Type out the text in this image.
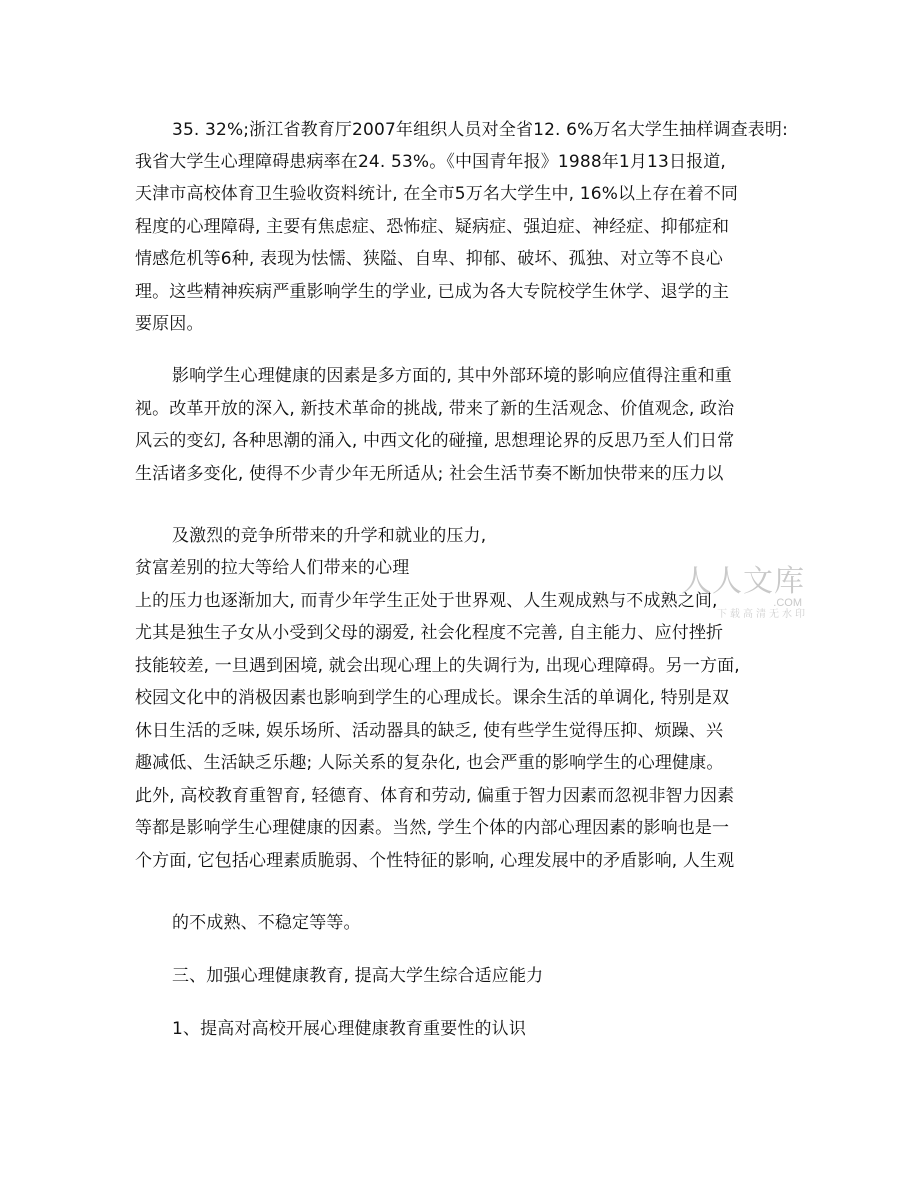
35. 32%;浙江省教育厅2007年组织人员对全省12. 6%万名大学生抽样调查表明:
我省大学生心理障碍患病率在24. 53%。《中国青年报》1988年1月13日报道,
天津市高校体育卫生验收资料统计, 在全市5万名大学生中, 16%以上存在着不同
程度的心理障碍, 主要有焦虑症、恐怖症、疑病症、强迫症、神经症、抑郁症和
情感危机等6种, 表现为怯懦、狭隘、自卑、抑郁、破坏、孤独、对立等不良心
理。这些精神疾病严重影响学生的学业, 已成为各大专院校学生休学、退学的主
要原因。
影响学生心理健康的因素是多方面的, 其中外部环境的影响应值得注重和重
视。改革开放的深入, 新技术革命的挑战, 带来了新的生活观念、价值观念, 政治
风云的变幻, 各种思潮的涌入, 中西文化的碰撞, 思想理论界的反思乃至人们日常
生活诸多变化, 使得不少青少年无所适从; 社会生活节奏不断加快带来的压力以
及激烈的竞争所带来的升学和就业的压力,
贫富差别的拉大等给人们带来的心理
上的压力也逐渐加大, 而青少年学生正处于世界观、人生观成熟与不成熟之间,
尤其是独生子女从小受到父母的溺爱, 社会化程度不完善, 自主能力、应付挫折
技能较差, 一旦遇到困境, 就会出现心理上的失调行为, 出现心理障碍。另一方面,
校园文化中的消极因素也影响到学生的心理成长。课余生活的单调化, 特别是双
休日生活的乏味, 娱乐场所、活动器具的缺乏, 使有些学生觉得压抑、烦躁、兴
趣减低、生活缺乏乐趣; 人际关系的复杂化, 也会严重的影响学生的心理健康。
此外, 高校教育重智育, 轻德育、体育和劳动, 偏重于智力因素而忽视非智力因素
等都是影响学生心理健康的因素。当然, 学生个体的内部心理因素的影响也是一
个方面, 它包括心理素质脆弱、个性特征的影响, 心理发展中的矛盾影响, 人生观
的不成熟、不稳定等等。
三、加强心理健康教育, 提高大学生综合适应能力
1、提高对高校开展心理健康教育重要性的认识
人人文库
.COM
下载高清无水印
